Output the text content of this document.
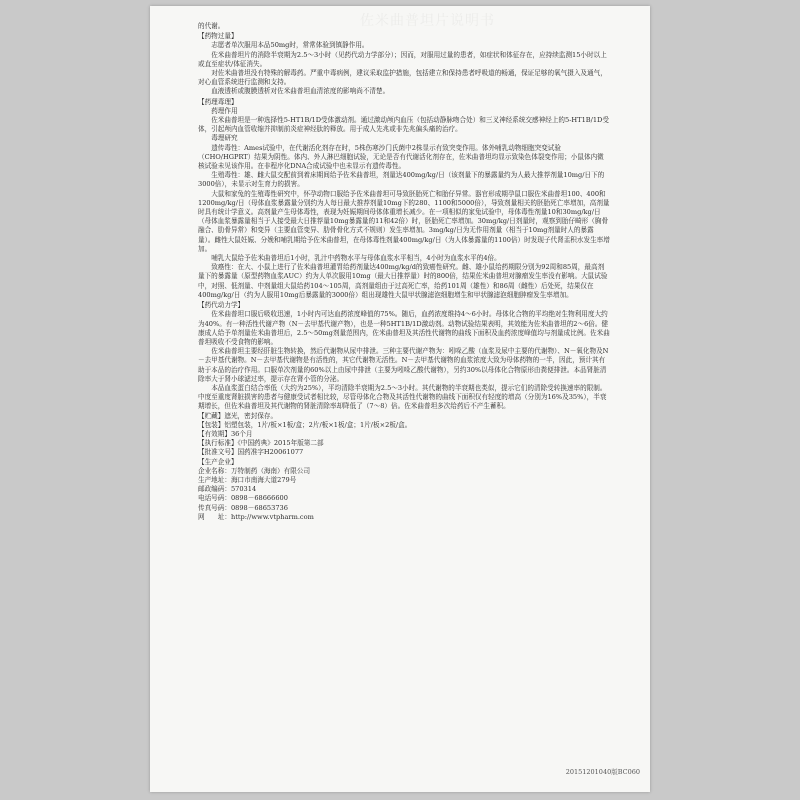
佐米曲普坦片说明书

的代谢。

【药物过量】

志愿者单次服用本品50mg时，常常体验到镇静作用。

佐米曲普坦片的消除半衰期为2.5～3小时（见药代动力学部分）；因而，对服用过量的患者，如症状和体征存在，应持续监测15小时以上或直至症状/体征消失。

对佐米曲普坦没有特殊的解毒药。严重中毒病例，建议采取监护措施，包括建立和保持患者呼吸道的畅通，保证足够的氧气摄入及通气，对心血管系统进行监测和支持。

血液透析或腹膜透析对佐米曲普坦血清浓度的影响尚不清楚。

【药理毒理】

药理作用

佐米曲普坦是一种选择性5-HT1B/1D受体激动剂。通过激动颅内血压（包括动静脉吻合处）和三叉神经系统交感神经上的5-HT1B/1D受体，引起颅内血管收缩并抑制前炎症神经肽的释放。用于成人先兆或非先兆偏头痛的治疗。

毒理研究

遗传毒性：Ames试验中，在代谢活化剂存在时，5株伤寒沙门氏菌中2株显示有致突变作用。体外哺乳动物细胞突变试验（CHO/HGPRT）结果为阴性。体内、外人淋巴细胞试验，无论是否有代谢活化剂存在，佐米曲普坦均显示致染色体裂变作用；小鼠体内微核试验未见该作用。在非程序化DNA合成试验中也未显示有遗传毒性。

生殖毒性：雄、雌大鼠交配前到着床期间给予佐米曲普坦，剂量达400mg/kg/日（该剂量下的暴露量约为人最大推荐剂量10mg/日下的3000倍），未显示对生育力的损害。

大鼠和家兔的生殖毒性研究中，怀孕动物口服给予佐米曲普坦可导致胚胎死亡和胎仔异常。器官形成期孕鼠口服佐米曲普坦100、400和1200mg/kg/日（母体血浆暴露量分别约为人每日最大推荐剂量10mg下的280、1100和5000倍），导致剂量相关的胚胎死亡率增加，高剂量时具有统计学意义。高剂量产生母体毒性，表现为妊娠期间母体体重增长减少。在一项相似的家兔试验中，母体毒性剂量10和30mg/kg/日（母体血浆暴露量相当于人接受最大日推荐量10mg暴露量的11和42倍）时，胚胎死亡率增加。30mg/kg/日剂量时，观察到胎仔畸形（胸骨融合、肋骨异常）和变异（主要血管变异、肋骨骨化方式不规则）发生率增加。3mg/kg/日为无作用剂量（相当于10mg剂量时人的暴露量）。雌性大鼠妊娠、分娩和哺乳期给予佐米曲普坦，在母体毒性剂量400mg/kg/日（为人体暴露量的1100倍）时发现子代肾盂积水发生率增加。

哺乳大鼠给予佐米曲普坦后1小时，乳汁中药物水平与母体血浆水平相当，4小时为血浆水平的4倍。

致癌性：在大、小鼠上进行了佐米曲普坦灌胃给药剂量达400mg/kg/d的致癌性研究。雌、雄小鼠给药期限分别为92周和85周，最高剂量下的暴露量（原型药物血浆AUC）约为人单次服用10mg（最大日推荐量）时的800倍，结果佐米曲普坦对腺瘤发生率没有影响。大鼠试验中，对照、低剂量、中剂量组大鼠给药104～105周，高剂量组由于过高死亡率，给药101周（雄性）和86周（雌性）后处死，结果仅在400mg/kg/日（约为人服用10mg后暴露量的3000倍）组出现雄性大鼠甲状腺滤泡细胞增生和甲状腺滤泡细胞肿瘤发生率增加。

【药代动力学】

佐米曲普坦口服后吸收迅速，1小时内可达血药浓度峰值的75%。随后，血药浓度维持4～6小时。母体化合物的平均绝对生物利用度大约为40%。有一种活性代谢产物（N－去甲基代谢产物），也是一种5HT1B/1D激动剂。动物试验结果表明，其效能为佐米曲普坦的2～6倍。健康成人给予单剂量佐米曲普坦后，2.5～50mg剂量范围内，佐米曲普坦及其活性代谢物的曲线下面积及血药浓度峰值均与剂量成比例。佐米曲普坦吸收不受食物的影响。

佐米曲普坦主要经肝脏生物转换，然后代谢物从尿中排泄。三种主要代谢产物为：吲哚乙酸（血浆及尿中主要的代谢物）、N－氧化物及N－去甲基代谢物。N－去甲基代谢物是有活性的，其它代谢物无活性。N－去甲基代谢物的血浆浓度大致为母体药物的一半，因此，预计其有助于本品的治疗作用。口服单次剂量的60%以上由尿中排泄（主要为吲哚乙酸代谢物），另约30%以母体化合物原形由粪便排泄。本品肾脏清除率大于肾小球滤过率，提示存在肾小管的分泌。

本品血浆蛋白结合率低（大约为25%），平均清除半衰期为2.5～3小时。其代谢物的半衰期也类似，提示它们的清除受转换速率的限制。中度至重度肾脏损害的患者与健康受试者相比较，尽管母体化合物及其活性代谢物的曲线下面积仅有轻度的增高（分别为16%及35%），半衰期增长，但佐米曲普坦及其代谢物的肾脏清除率却降低了（7～8）倍。佐米曲普坦多次给药后不产生蓄积。

【贮藏】遮光，密封保存。

【包装】铝塑包装，1片/板×1板/盒；2片/板×1板/盒；1片/板×2板/盒。

【有效期】36个月

【执行标准】《中国药典》2015年版第二部

【批准文号】国药准字H20061077

【生产企业】

企业名称：万特制药（海南）有限公司

生产地址：海口市南海大道279号

邮政编码：570314

电话号码：0898－68666600

传真号码：0898－68653736

网　　址：http://www.vtpharm.com

20151201040版BC060
